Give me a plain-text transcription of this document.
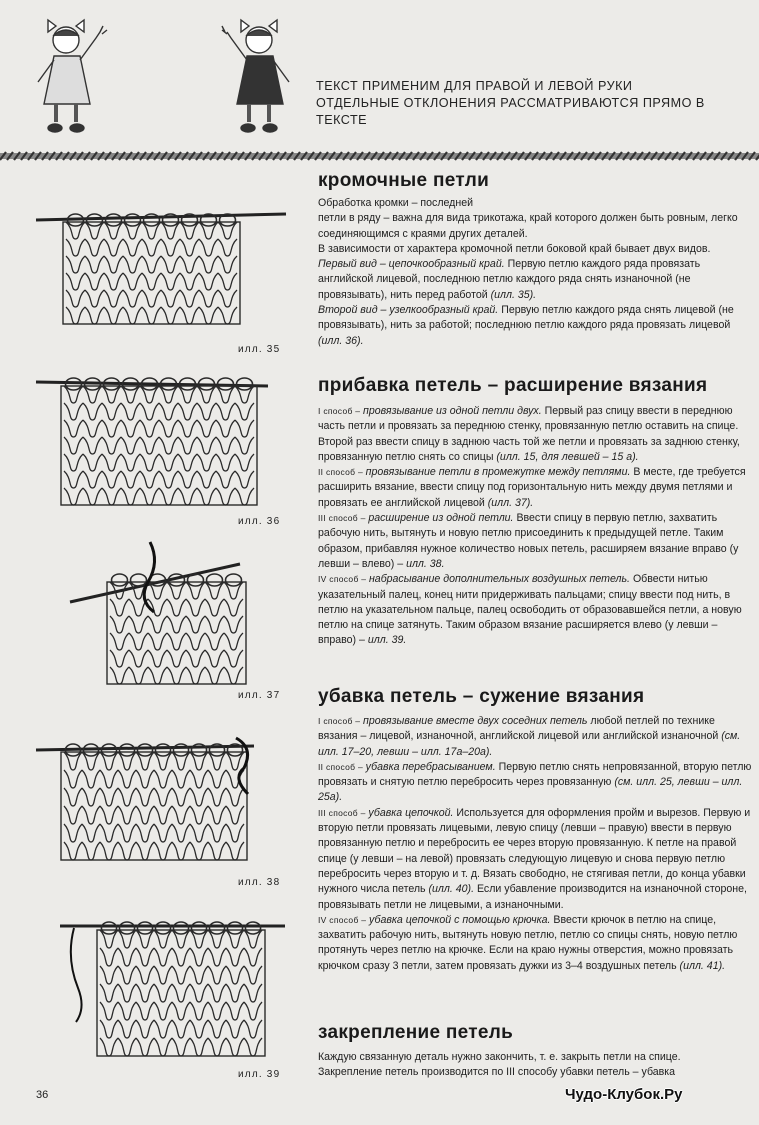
ТЕКСТ ПРИМЕНИМ ДЛЯ ПРАВОЙ И ЛЕВОЙ РУКИ
ОТДЕЛЬНЫЕ ОТКЛОНЕНИЯ РАССМАТРИВАЮТСЯ ПРЯМО В ТЕКСТЕ
кромочные петли

Обработка кромки – последней

петли в ряду – важна для вида трикотажа, край которого должен быть ровным, легко соединяющимся с краями других деталей.

В зависимости от характера кромочной петли боковой край бывает двух видов.

Первый вид – цепочкообразный край. Первую петлю каждого ряда провязать английской лицевой, последнюю петлю каждого ряда снять изнаночной (не провязывать), нить перед работой (илл. 35).

Второй вид – узелкообразный край. Первую петлю каждого ряда снять лицевой (не провязывать), нить за работой; последнюю петлю каждого ряда провязать лицевой (илл. 36).

прибавка петель – расширение вязания

I способ – провязывание из одной петли двух. Первый раз спицу ввести в переднюю часть петли и провязать за переднюю стенку, провязанную петлю оставить на спице. Второй раз ввести спицу в заднюю часть той же петли и провязать за заднюю стенку, провязанную петлю снять со спицы (илл. 15, для левшей – 15 а).

II способ – провязывание петли в промежутке между петлями. В месте, где требуется расширить вязание, ввести спицу под горизонтальную нить между двумя петлями и провязать ее английской лицевой (илл. 37).

III способ – расширение из одной петли. Ввести спицу в первую петлю, захватить рабочую нить, вытянуть и новую петлю присоединить к предыдущей петле. Таким образом, прибавляя нужное количество новых петель, расширяем вязание вправо (у левши – влево) – илл. 38.

IV способ – набрасывание дополнительных воздушных петель. Обвести нитью указательный палец, конец нити придерживать пальцами; спицу ввести под нить, в петлю на указательном пальце, палец освободить от образовавшейся петли, а новую петлю на спице затянуть. Таким образом вязание расширяется влево (у левши – вправо) – илл. 39.

убавка петель – сужение вязания

I способ – провязывание вместе двух соседних петель любой петлей по технике вязания – лицевой, изнаночной, английской лицевой или английской изнаночной (см. илл. 17–20, левши – илл. 17а–20а).

II способ – убавка перебрасыванием. Первую петлю снять непровязанной, вторую петлю провязать и снятую петлю перебросить через провязанную (см. илл. 25, левши – илл. 25а).

III способ – убавка цепочкой. Используется для оформления пройм и вырезов. Первую и вторую петли провязать лицевыми, левую спицу (левши – правую) ввести в первую провязанную петлю и перебросить ее через вторую провязанную. К петле на правой спице (у левши – на левой) провязать следующую лицевую и снова первую петлю перебросить через вторую и т. д. Вязать свободно, не стягивая петли, до конца убавки нужного числа петель (илл. 40). Если убавление производится на изнаночной стороне, провязывать петли не лицевыми, а изнаночными.

IV способ – убавка цепочкой с помощью крючка. Ввести крючок в петлю на спице, захватить рабочую нить, вытянуть новую петлю, петлю со спицы снять, новую петлю протянуть через петлю на крючке. Если на краю нужны отверстия, можно провязать крючком сразу 3 петли, затем провязать дужки из 3–4 воздушных петель (илл. 41).

закрепление петель

Каждую связанную деталь нужно закончить, т. е. закрыть петли на спице.

Закрепление петель производится по III способу убавки петель – убавка

илл. 35
илл. 36
илл. 37
илл. 38
илл. 39
36	Чудо-Клубок.Ру
